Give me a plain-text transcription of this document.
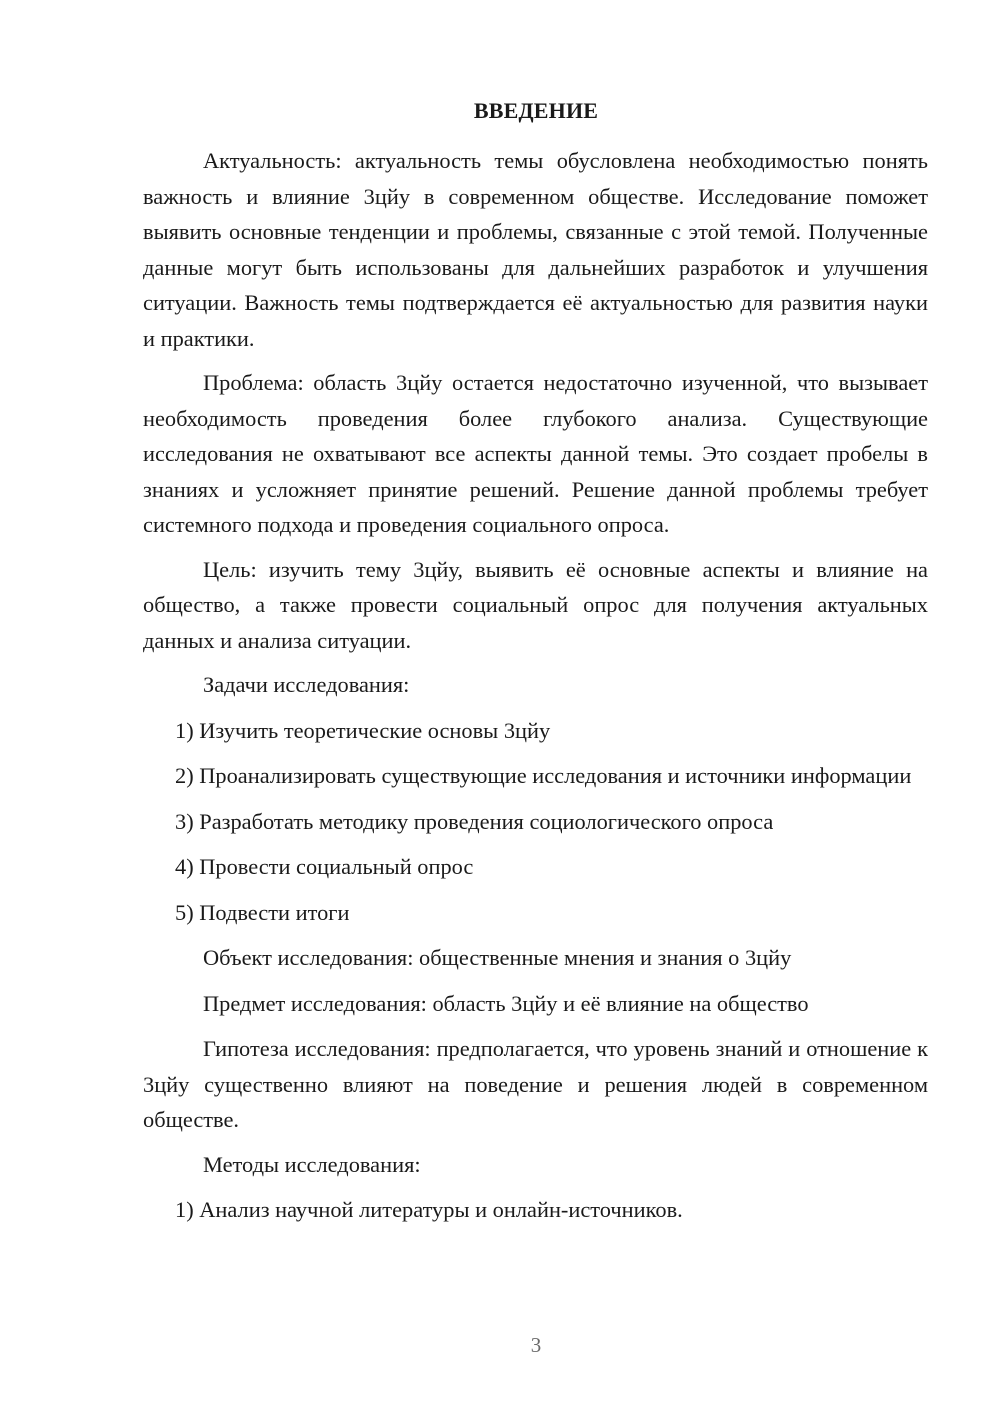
ВВЕДЕНИЕ

Актуальность: актуальность темы обусловлена необходимостью понять важность и влияние 3цйу в современном обществе. Исследование поможет выявить основные тенденции и проблемы, связанные с этой темой. Полученные данные могут быть использованы для дальнейших разработок и улучшения ситуации. Важность темы подтверждается её актуальностью для развития науки и практики.

Проблема: область 3цйу остается недостаточно изученной, что вызывает необходимость проведения более глубокого анализа. Существующие исследования не охватывают все аспекты данной темы. Это создает пробелы в знаниях и усложняет принятие решений. Решение данной проблемы требует системного подхода и проведения социального опроса.

Цель: изучить тему 3цйу, выявить её основные аспекты и влияние на общество, а также провести социальный опрос для получения актуальных данных и анализа ситуации.

Задачи исследования:

1) Изучить теоретические основы 3цйу

2) Проанализировать существующие исследования и источники информации

3) Разработать методику проведения социологического опроса

4) Провести социальный опрос

5) Подвести итоги

Объект исследования: общественные мнения и знания о 3цйу

Предмет исследования: область 3цйу и её влияние на общество

Гипотеза исследования: предполагается, что уровень знаний и отношение к 3цйу существенно влияют на поведение и решения людей в современном обществе.

Методы исследования:

1) Анализ научной литературы и онлайн-источников.

3
